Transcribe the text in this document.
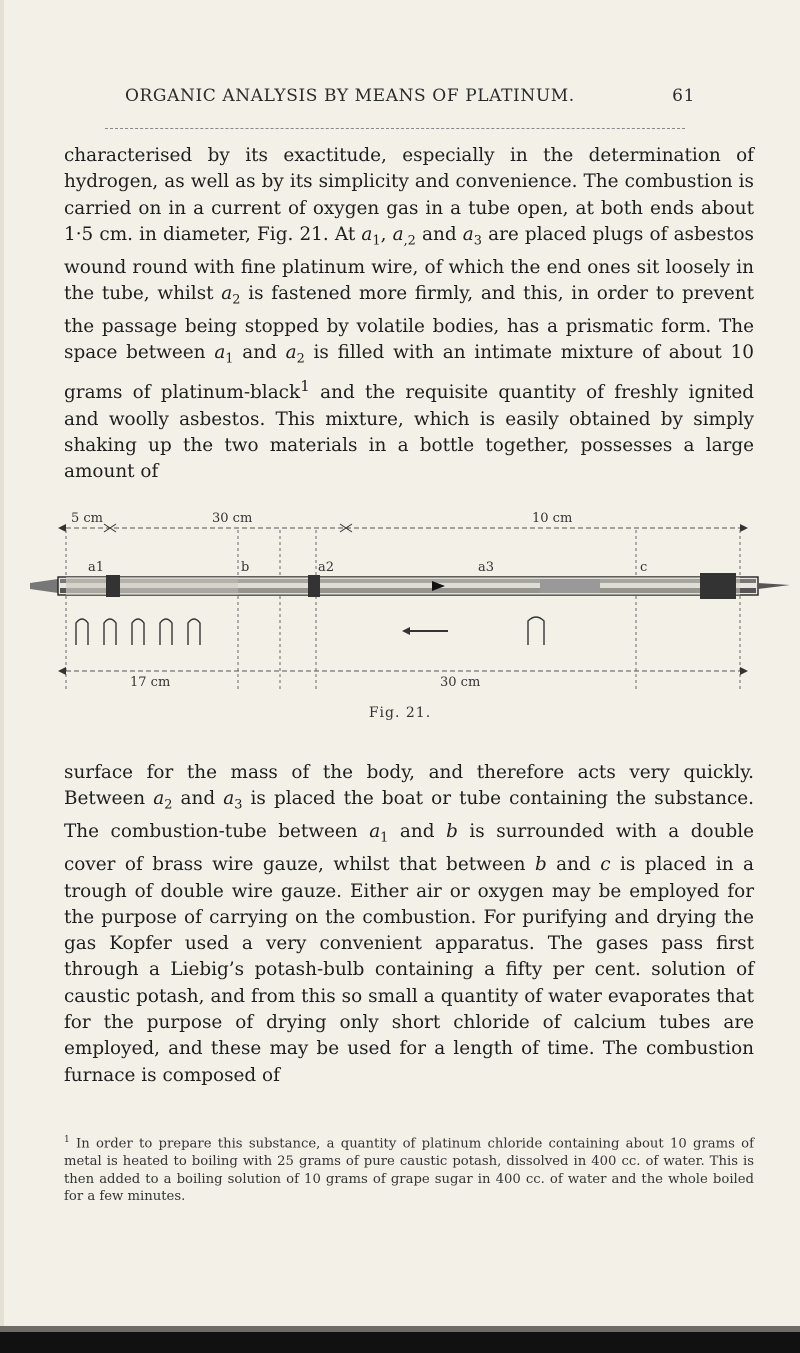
ORGANIC ANALYSIS BY MEANS OF PLATINUM.	61
characterised by its exactitude, especially in the determination of hydrogen, as well as by its simplicity and convenience. The combustion is carried on in a current of oxygen gas in a tube open, at both ends about 1·5 cm. in diameter, Fig. 21. At $a_1$, $a_{,2}$ and $a_3$ are placed plugs of asbestos wound round with fine platinum wire, of which the end ones sit loosely in the tube, whilst $a_2$ is fastened more firmly, and this, in order to prevent the passage being stopped by volatile bodies, has a prismatic form. The space between $a_1$ and $a_2$ is filled with an intimate mixture of about 10 grams of platinum-black$^1$ and the requisite quantity of freshly ignited and woolly asbestos. This mixture, which is easily obtained by simply shaking up the two materials in a bottle together, possesses a large amount of
5 cm	30 cm	10 cm
a1	b	a2	a3	c
17 cm	30 cm
Fig. 21.
surface for the mass of the body, and therefore acts very quickly. Between $a_2$ and $a_3$ is placed the boat or tube containing the substance. The combustion-tube between $a_1$ and b is surrounded with a double cover of brass wire gauze, whilst that between b and c is placed in a trough of double wire gauze. Either air or oxygen may be employed for the purpose of carrying on the combustion. For purifying and drying the gas Kopfer used a very convenient apparatus. The gases pass first through a Liebig’s potash-bulb containing a fifty per cent. solution of caustic potash, and from this so small a quantity of water evaporates that for the purpose of drying only short chloride of calcium tubes are employed, and these may be used for a length of time. The combustion furnace is composed of
$^1$ In order to prepare this substance, a quantity of platinum chloride containing about 10 grams of metal is heated to boiling with 25 grams of pure caustic potash, dissolved in 400 cc. of water. This is then added to a boiling solution of 10 grams of grape sugar in 400 cc. of water and the whole boiled for a few minutes.
